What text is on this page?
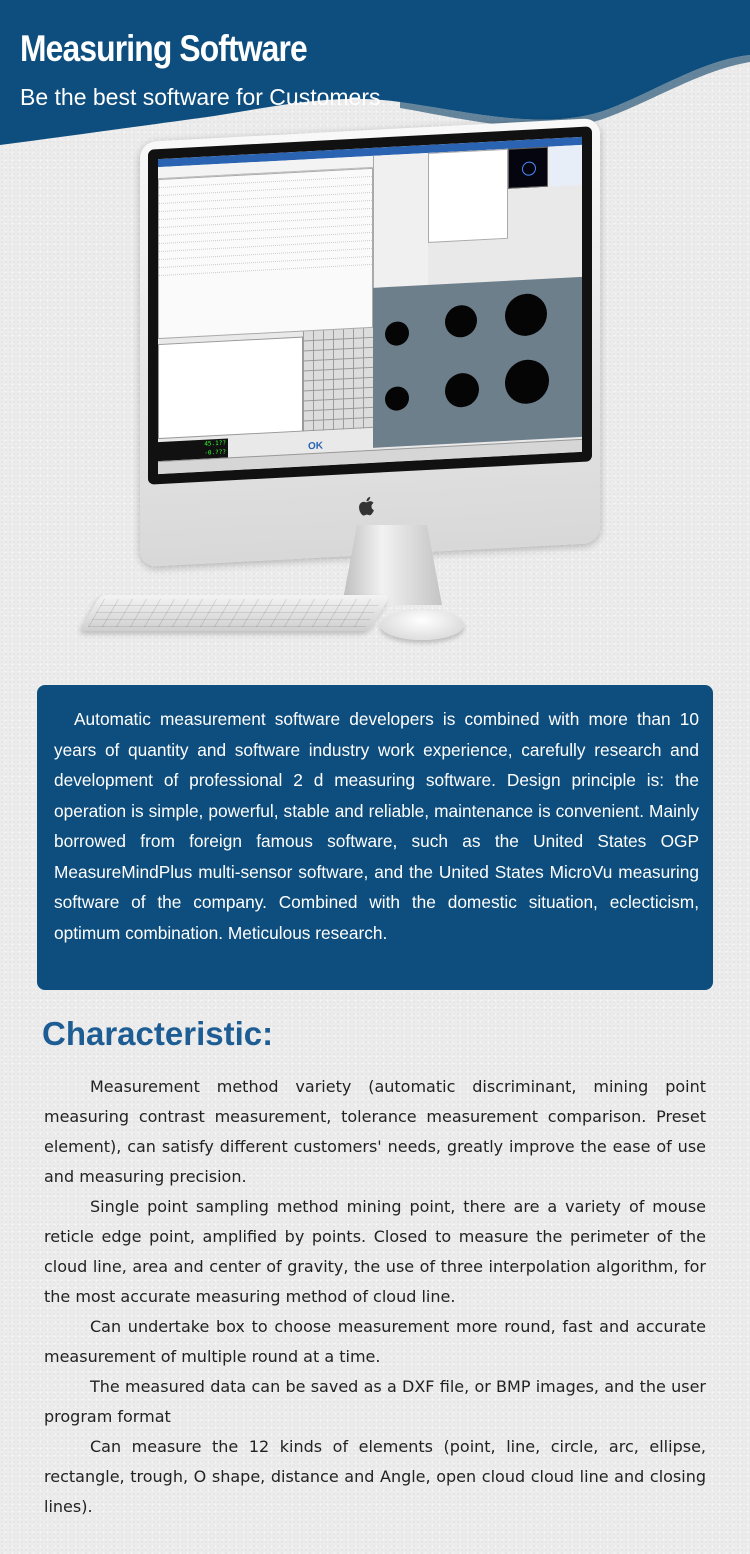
Measuring Software
Be the best software for Customers
45.1??
-0.???
OK

Automatic measurement software developers is combined with more than 10 years of quantity and software industry work experience, carefully research and development of professional 2 d measuring software. Design principle is: the operation is simple, powerful, stable and reliable, maintenance is convenient. Mainly borrowed from foreign famous software, such as the United States OGP MeasureMindPlus multi-sensor software, and the United States MicroVu measuring software of the company. Combined with the domestic situation, eclecticism, optimum combination. Meticulous research.

Characteristic:

Measurement method variety (automatic discriminant, mining point measuring contrast measurement, tolerance measurement comparison. Preset element), can satisfy different customers' needs, greatly improve the ease of use and measuring precision.

Single point sampling method mining point, there are a variety of mouse reticle edge point, amplified by points. Closed to measure the perimeter of the cloud line, area and center of gravity, the use of three interpolation algorithm, for the most accurate measuring method of cloud line.

Can undertake box to choose measurement more round, fast and accurate measurement of multiple round at a time.

The measured data can be saved as a DXF file, or BMP images, and the user program format

Can measure the 12 kinds of elements (point, line, circle, arc, ellipse, rectangle, trough, O shape, distance and Angle, open cloud cloud line and closing lines).
